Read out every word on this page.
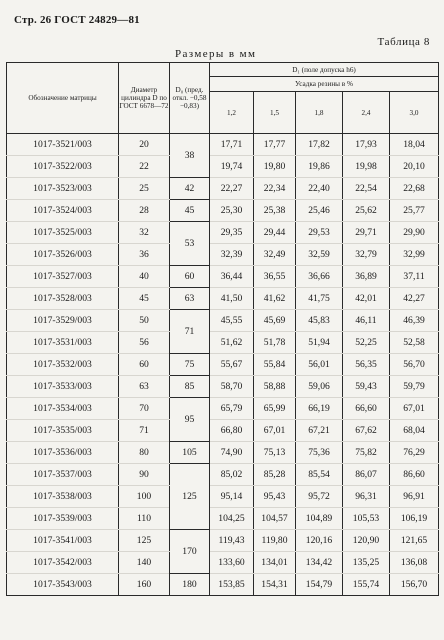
Стр. 26 ГОСТ 24829—81
Таблица 8
Размеры в мм
Обозначение матрицы	Диаметр цилиндра D по ГОСТ 6678—72	D₀ (пред. откл. −0,58 −0,83)	D₁ (поле допуска h6)				
			Усадка резины в %				
			1,2	1,5	1,8	2,4	3,0
1017-3521/003	20	38	17,71	17,77	17,82	17,93	18,04
1017-3522/003	22		19,74	19,80	19,86	19,98	20,10
1017-3523/003	25	42	22,27	22,34	22,40	22,54	22,68
1017-3524/003	28	45	25,30	25,38	25,46	25,62	25,77
1017-3525/003	32	53	29,35	29,44	29,53	29,71	29,90
1017-3526/003	36		32,39	32,49	32,59	32,79	32,99
1017-3527/003	40	60	36,44	36,55	36,66	36,89	37,11
1017-3528/003	45	63	41,50	41,62	41,75	42,01	42,27
1017-3529/003	50	71	45,55	45,69	45,83	46,11	46,39
1017-3531/003	56		51,62	51,78	51,94	52,25	52,58
1017-3532/003	60	75	55,67	55,84	56,01	56,35	56,70
1017-3533/003	63	85	58,70	58,88	59,06	59,43	59,79
1017-3534/003	70	95	65,79	65,99	66,19	66,60	67,01
1017-3535/003	71		66,80	67,01	67,21	67,62	68,04
1017-3536/003	80	105	74,90	75,13	75,36	75,82	76,29
1017-3537/003	90	125	85,02	85,28	85,54	86,07	86,60
1017-3538/003	100		95,14	95,43	95,72	96,31	96,91
1017-3539/003	110		104,25	104,57	104,89	105,53	106,19
1017-3541/003	125	170	119,43	119,80	120,16	120,90	121,65
1017-3542/003	140		133,60	134,01	134,42	135,25	136,08
1017-3543/003	160	180	153,85	154,31	154,79	155,74	156,70
